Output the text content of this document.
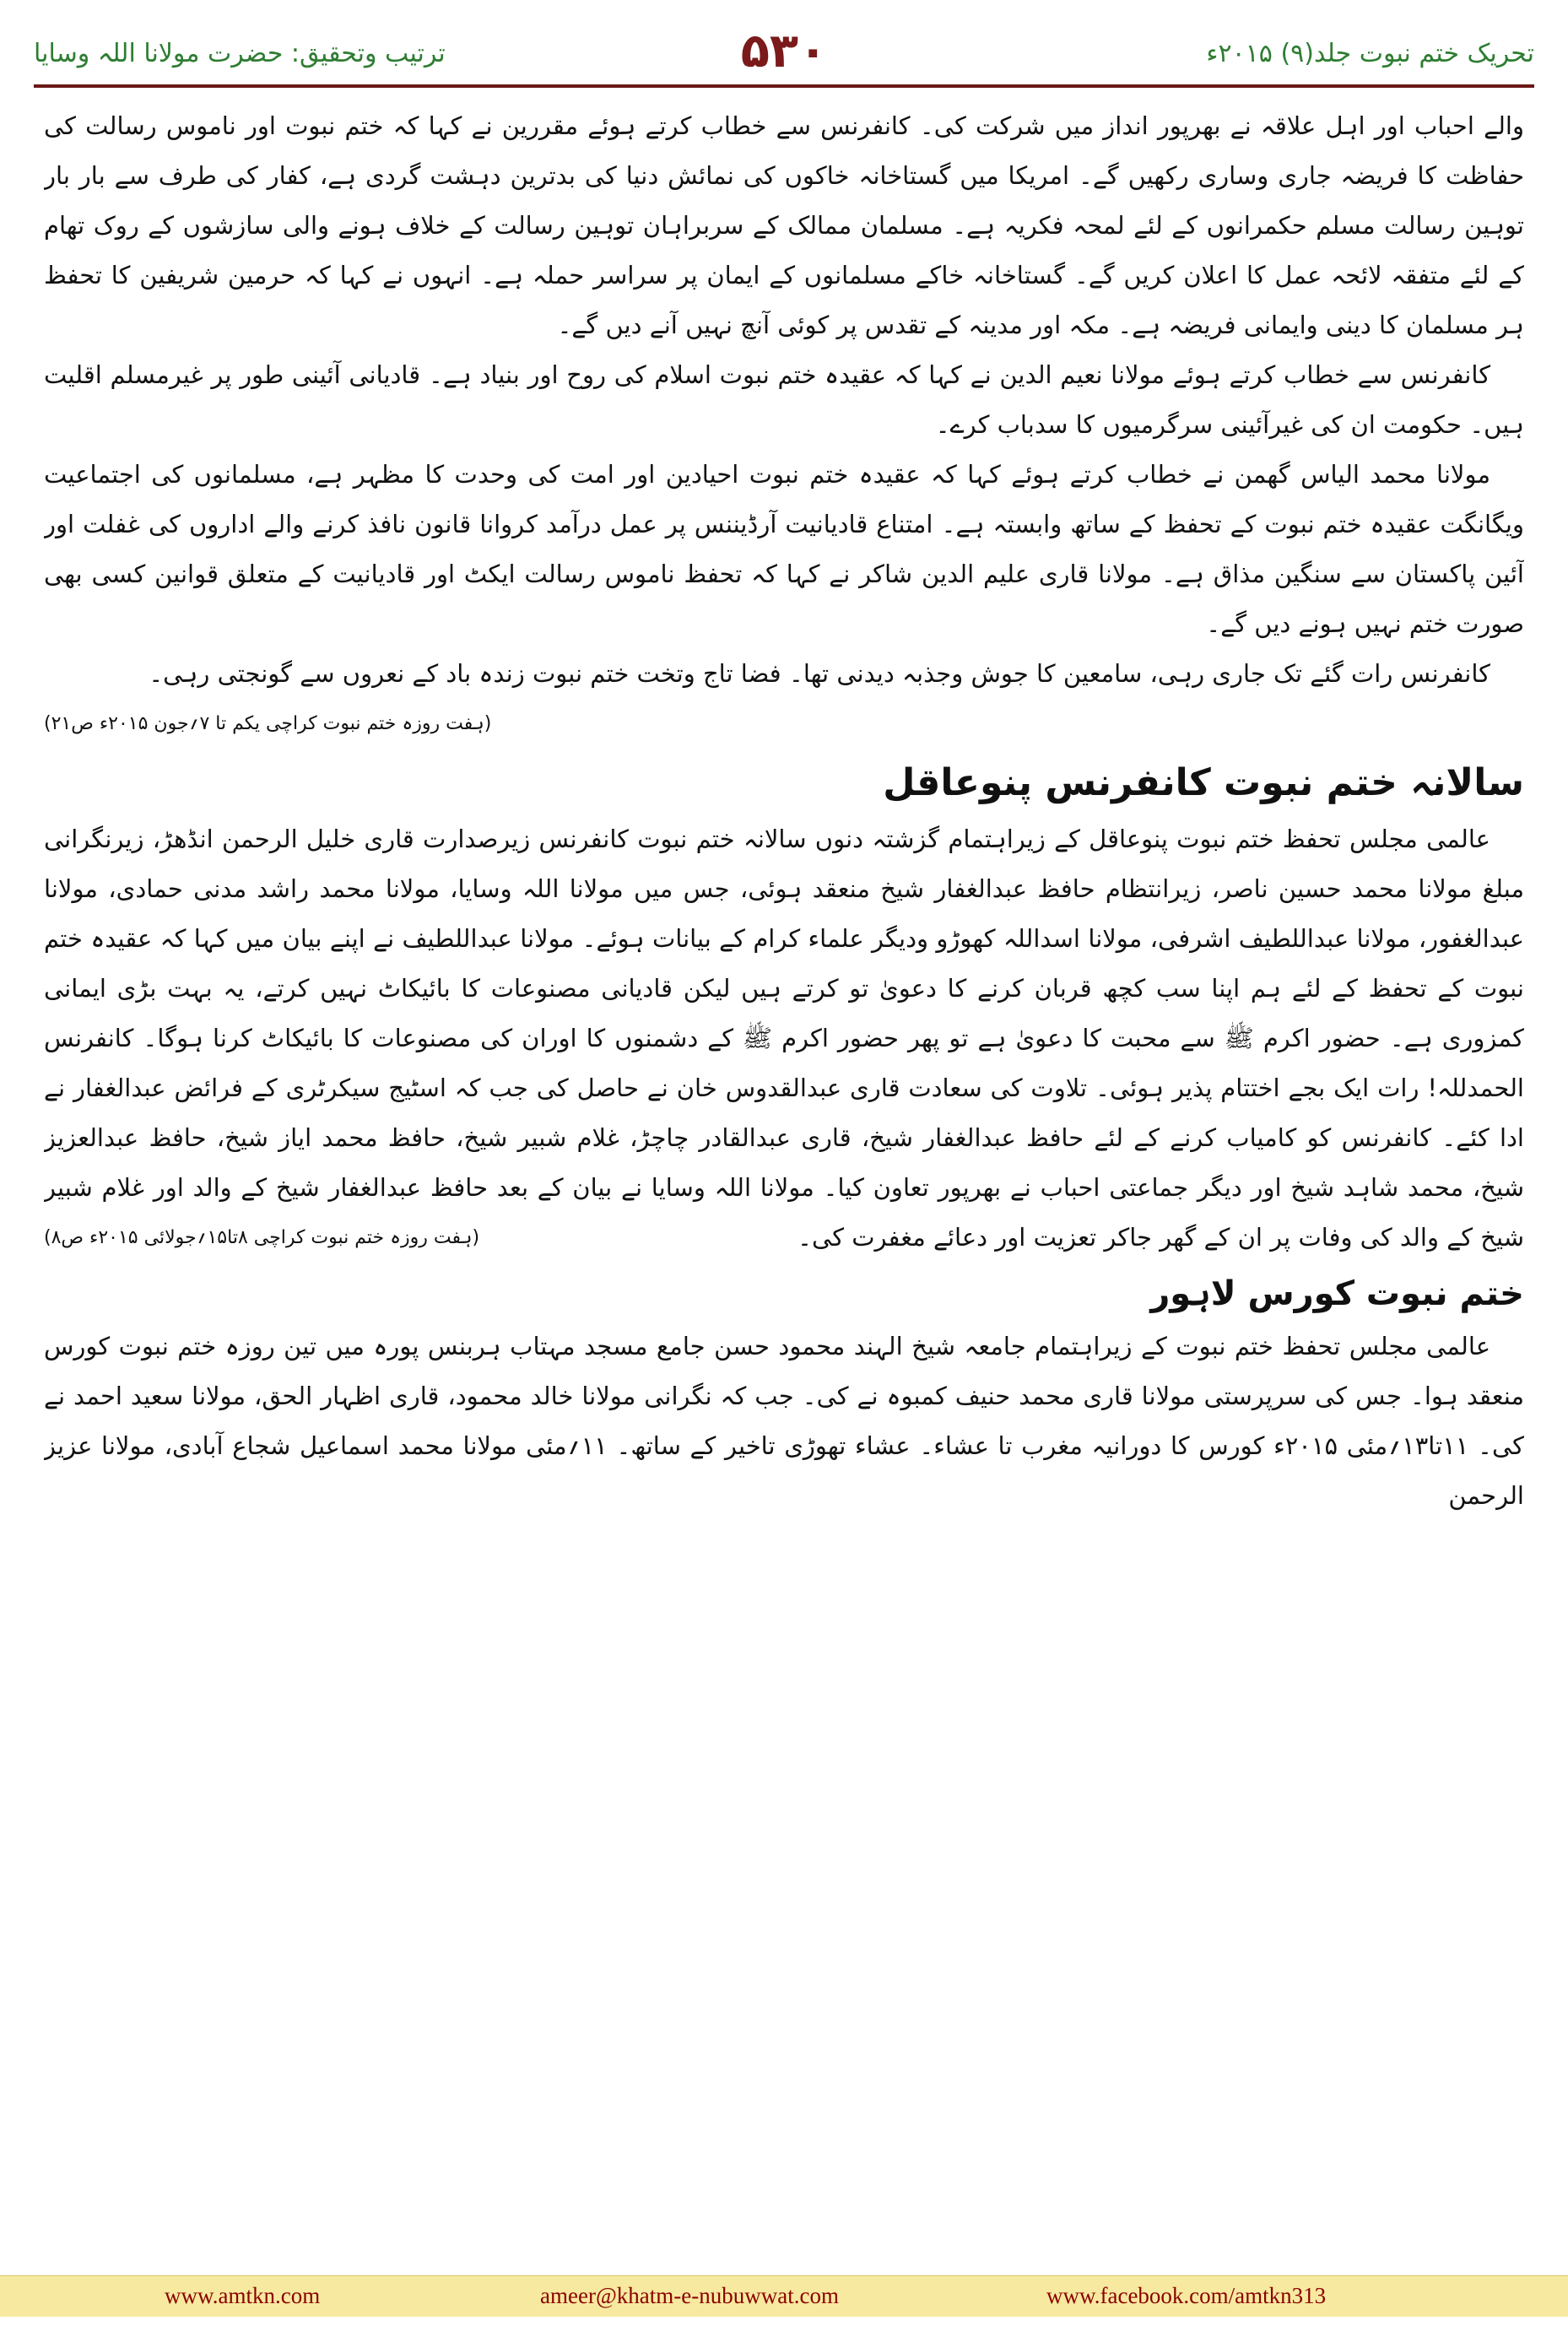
ترتیب وتحقیق: حضرت مولانا اللہ وسایا	۵۳۰	تحریک ختم نبوت جلد(۹) ۲۰۱۵ء

والے احباب اور اہل علاقہ نے بھرپور انداز میں شرکت کی۔ کانفرنس سے خطاب کرتے ہوئے مقررین نے کہا کہ ختم نبوت اور ناموس رسالت کی حفاظت کا فریضہ جاری وساری رکھیں گے۔ امریکا میں گستاخانہ خاکوں کی نمائش دنیا کی بدترین دہشت گردی ہے، کفار کی طرف سے بار بار توہین رسالت مسلم حکمرانوں کے لئے لمحہ فکریہ ہے۔ مسلمان ممالک کے سربراہان توہین رسالت کے خلاف ہونے والی سازشوں کے روک تھام کے لئے متفقہ لائحہ عمل کا اعلان کریں گے۔ گستاخانہ خاکے مسلمانوں کے ایمان پر سراسر حملہ ہے۔ انہوں نے کہا کہ حرمین شریفین کا تحفظ ہر مسلمان کا دینی وایمانی فریضہ ہے۔ مکہ اور مدینہ کے تقدس پر کوئی آنچ نہیں آنے دیں گے۔

کانفرنس سے خطاب کرتے ہوئے مولانا نعیم الدین نے کہا کہ عقیدہ ختم نبوت اسلام کی روح اور بنیاد ہے۔ قادیانی آئینی طور پر غیرمسلم اقلیت ہیں۔ حکومت ان کی غیرآئینی سرگرمیوں کا سدباب کرے۔

مولانا محمد الیاس گھمن نے خطاب کرتے ہوئے کہا کہ عقیدہ ختم نبوت احیادین اور امت کی وحدت کا مظہر ہے، مسلمانوں کی اجتماعیت ویگانگت عقیدہ ختم نبوت کے تحفظ کے ساتھ وابستہ ہے۔ امتناع قادیانیت آرڈیننس پر عمل درآمد کروانا قانون نافذ کرنے والے اداروں کی غفلت اور آئین پاکستان سے سنگین مذاق ہے۔ مولانا قاری علیم الدین شاکر نے کہا کہ تحفظ ناموس رسالت ایکٹ اور قادیانیت کے متعلق قوانین کسی بھی صورت ختم نہیں ہونے دیں گے۔

کانفرنس رات گئے تک جاری رہی، سامعین کا جوش وجذبہ دیدنی تھا۔ فضا تاج وتخت ختم نبوت زندہ باد کے نعروں سے گونجتی رہی۔
(ہفت روزہ ختم نبوت کراچی یکم تا ۷؍جون ۲۰۱۵ء ص۲۱)

سالانہ ختم نبوت کانفرنس پنوعاقل

عالمی مجلس تحفظ ختم نبوت پنوعاقل کے زیراہتمام گزشتہ دنوں سالانہ ختم نبوت کانفرنس زیرصدارت قاری خلیل الرحمن انڈھڑ، زیرنگرانی مبلغ مولانا محمد حسین ناصر، زیرانتظام حافظ عبدالغفار شیخ منعقد ہوئی، جس میں مولانا اللہ وسایا، مولانا محمد راشد مدنی حمادی، مولانا عبدالغفور، مولانا عبداللطیف اشرفی، مولانا اسداللہ کھوڑو ودیگر علماء کرام کے بیانات ہوئے۔ مولانا عبداللطیف نے اپنے بیان میں کہا کہ عقیدہ ختم نبوت کے تحفظ کے لئے ہم اپنا سب کچھ قربان کرنے کا دعویٰ تو کرتے ہیں لیکن قادیانی مصنوعات کا بائیکاٹ نہیں کرتے، یہ بہت بڑی ایمانی کمزوری ہے۔ حضور اکرم ﷺ سے محبت کا دعویٰ ہے تو پھر حضور اکرم ﷺ کے دشمنوں کا اوران کی مصنوعات کا بائیکاٹ کرنا ہوگا۔ کانفرنس الحمدللہ! رات ایک بجے اختتام پذیر ہوئی۔ تلاوت کی سعادت قاری عبدالقدوس خان نے حاصل کی جب کہ اسٹیج سیکرٹری کے فرائض عبدالغفار نے ادا کئے۔ کانفرنس کو کامیاب کرنے کے لئے حافظ عبدالغفار شیخ، قاری عبدالقادر چاچڑ، غلام شبیر شیخ، حافظ محمد ایاز شیخ، حافظ عبدالعزیز شیخ، محمد شاہد شیخ اور دیگر جماعتی احباب نے بھرپور تعاون کیا۔ مولانا اللہ وسایا نے بیان کے بعد حافظ عبدالغفار شیخ کے والد اور غلام شبیر شیخ کے والد کی وفات پر ان کے گھر جاکر تعزیت اور دعائے مغفرت کی۔
(ہفت روزہ ختم نبوت کراچی ۸تا۱۵؍جولائی ۲۰۱۵ء ص۸)

ختم نبوت کورس لاہور

عالمی مجلس تحفظ ختم نبوت کے زیراہتمام جامعہ شیخ الہند محمود حسن جامع مسجد مہتاب ہربنس پورہ میں تین روزہ ختم نبوت کورس منعقد ہوا۔ جس کی سرپرستی مولانا قاری محمد حنیف کمبوہ نے کی۔ جب کہ نگرانی مولانا خالد محمود، قاری اظہار الحق، مولانا سعید احمد نے کی۔ ۱۱تا۱۳؍مئی ۲۰۱۵ء کورس کا دورانیہ مغرب تا عشاء۔ عشاء تھوڑی تاخیر کے ساتھ۔ ۱۱؍مئی مولانا محمد اسماعیل شجاع آبادی، مولانا عزیز الرحمن

www.amtkn.com	ameer@khatm-e-nubuwwat.com	www.facebook.com/amtkn313
